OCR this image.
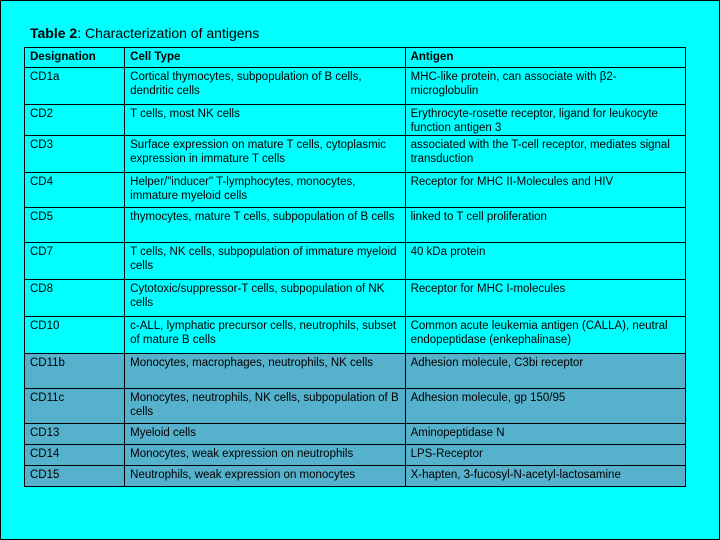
Table 2: Characterization of antigens
Designation	Cell Type	Antigen
CD1a	Cortical thymocytes, subpopulation of B cells, dendritic cells	MHC-like protein, can associate with β2-microglobulin
CD2	T cells, most NK cells	Erythrocyte-rosette receptor, ligand for leukocyte function antigen 3
CD3	Surface expression on mature T cells, cytoplasmic expression in immature T cells	associated with the T-cell receptor, mediates signal transduction
CD4	Helper/"inducer" T-lymphocytes, monocytes, immature myeloid cells	Receptor for MHC II-Molecules and HIV
CD5	thymocytes, mature T cells, subpopulation of B cells	linked to T cell proliferation
CD7	T cells, NK cells, subpopulation of immature myeloid cells	40 kDa protein
CD8	Cytotoxic/suppressor-T cells, subpopulation of NK cells	Receptor for MHC I-molecules
CD10	c-ALL, lymphatic precursor cells, neutrophils, subset of mature B cells	Common acute leukemia antigen (CALLA), neutral endopeptidase (enkephalinase)
CD11b	Monocytes, macrophages, neutrophils, NK cells	Adhesion molecule, C3bi receptor
CD11c	Monocytes, neutrophils, NK cells, subpopulation of B cells	Adhesion molecule, gp 150/95
CD13	Myeloid cells	Aminopeptidase N
CD14	Monocytes, weak expression on neutrophils	LPS-Receptor
CD15	Neutrophils, weak expression on monocytes	X-hapten, 3-fucosyl-N-acetyl-lactosamine
